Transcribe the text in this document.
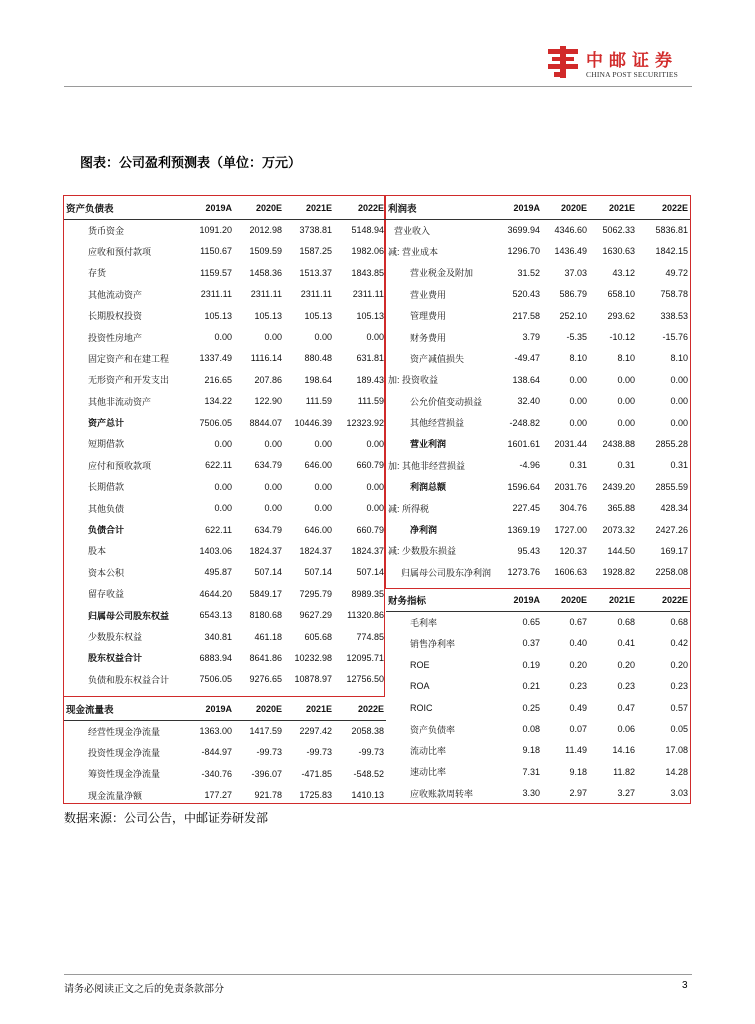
中邮证券
CHINA POST SECURITIES
图表：公司盈利预测表（单位：万元）
资产负债表	2019A	2020E	2021E	2022E
货币资金	1091.20	2012.98	3738.81	5148.94
应收和预付款项	1150.67	1509.59	1587.25	1982.06
存货	1159.57	1458.36	1513.37	1843.85
其他流动资产	2311.11	2311.11	2311.11	2311.11
长期股权投资	105.13	105.13	105.13	105.13
投资性房地产	0.00	0.00	0.00	0.00
固定资产和在建工程	1337.49	1116.14	880.48	631.81
无形资产和开发支出	216.65	207.86	198.64	189.43
其他非流动资产	134.22	122.90	111.59	111.59
资产总计	7506.05	8844.07	10446.39	12323.92
短期借款	0.00	0.00	0.00	0.00
应付和预收款项	622.11	634.79	646.00	660.79
长期借款	0.00	0.00	0.00	0.00
其他负债	0.00	0.00	0.00	0.00
负债合计	622.11	634.79	646.00	660.79
股本	1403.06	1824.37	1824.37	1824.37
资本公积	495.87	507.14	507.14	507.14
留存收益	4644.20	5849.17	7295.79	8989.35
归属母公司股东权益	6543.13	8180.68	9627.29	11320.86
少数股东权益	340.81	461.18	605.68	774.85
股东权益合计	6883.94	8641.86	10232.98	12095.71
负债和股东权益合计	7506.05	9276.65	10878.97	12756.50
现金流量表	2019A	2020E	2021E	2022E
经营性现金净流量	1363.00	1417.59	2297.42	2058.38
投资性现金净流量	-844.97	-99.73	-99.73	-99.73
筹资性现金净流量	-340.76	-396.07	-471.85	-548.52
现金流量净额	177.27	921.78	1725.83	1410.13
利润表	2019A	2020E	2021E	2022E
营业收入	3699.94	4346.60	5062.33	5836.81
减: 营业成本	1296.70	1436.49	1630.63	1842.15
营业税金及附加	31.52	37.03	43.12	49.72
营业费用	520.43	586.79	658.10	758.78
管理费用	217.58	252.10	293.62	338.53
财务费用	3.79	-5.35	-10.12	-15.76
资产减值损失	-49.47	8.10	8.10	8.10
加: 投资收益	138.64	0.00	0.00	0.00
公允价值变动损益	32.40	0.00	0.00	0.00
其他经营损益	-248.82	0.00	0.00	0.00
营业利润	1601.61	2031.44	2438.88	2855.28
加: 其他非经营损益	-4.96	0.31	0.31	0.31
利润总额	1596.64	2031.76	2439.20	2855.59
减: 所得税	227.45	304.76	365.88	428.34
净利润	1369.19	1727.00	2073.32	2427.26
减: 少数股东损益	95.43	120.37	144.50	169.17
归属母公司股东净利润	1273.76	1606.63	1928.82	2258.08
财务指标	2019A	2020E	2021E	2022E
毛利率	0.65	0.67	0.68	0.68
销售净利率	0.37	0.40	0.41	0.42
ROE	0.19	0.20	0.20	0.20
ROA	0.21	0.23	0.23	0.23
ROIC	0.25	0.49	0.47	0.57
资产负债率	0.08	0.07	0.06	0.05
流动比率	9.18	11.49	14.16	17.08
速动比率	7.31	9.18	11.82	14.28
应收账款周转率	3.30	2.97	3.27	3.03
数据来源：公司公告，中邮证券研发部
请务必阅读正文之后的免责条款部分	3
